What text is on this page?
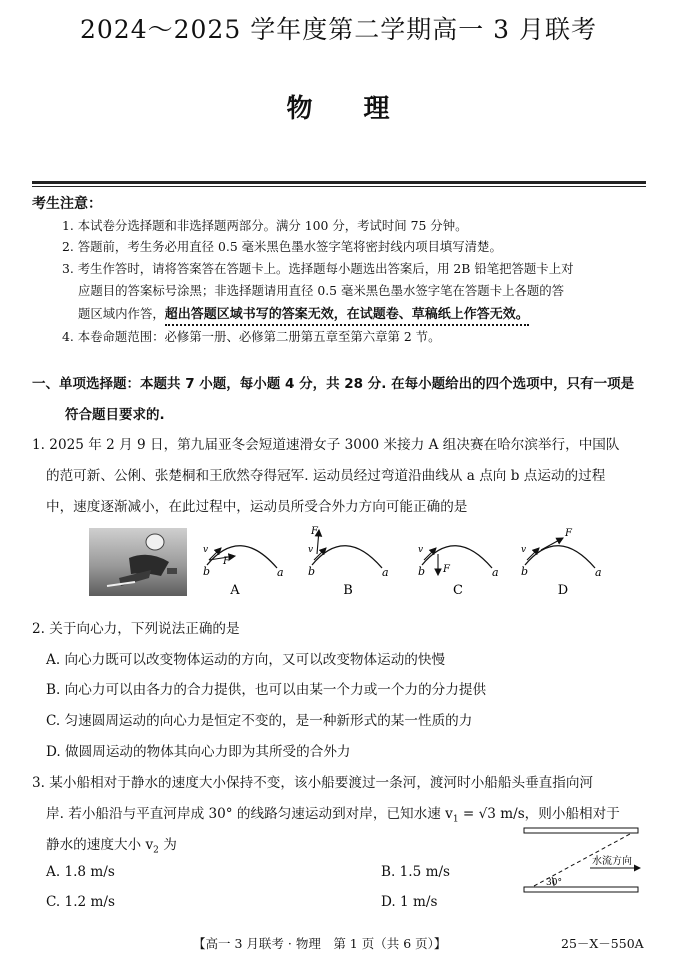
2024～2025 学年度第二学期高一 3 月联考
物 理
考生注意：
1. 本试卷分选择题和非选择题两部分。满分 100 分，考试时间 75 分钟。
2. 答题前，考生务必用直径 0.5 毫米黑色墨水签字笔将密封线内项目填写清楚。
3. 考生作答时，请将答案答在答题卡上。选择题每小题选出答案后，用 2B 铅笔把答题卡上对
应题目的答案标号涂黑；非选择题请用直径 0.5 毫米黑色墨水签字笔在答题卡上各题的答
题区域内作答，超出答题区域书写的答案无效，在试题卷、草稿纸上作答无效。
4. 本卷命题范围：必修第一册、必修第二册第五章至第六章第 2 节。
一、单项选择题：本题共 7 小题，每小题 4 分，共 28 分. 在每小题给出的四个选项中，只有一项是
符合题目要求的.
1. 2025 年 2 月 9 日，第九届亚冬会短道速滑女子 3000 米接力 A 组决赛在哈尔滨举行，中国队
的范可新、公俐、张楚桐和王欣然夺得冠军. 运动员经过弯道沿曲线从 a 点向 b 点运动的过程
中，速度逐渐减小，在此过程中，运动员所受合外力方向可能正确的是
v
b
F
a
A
v
F
b	a
B
v
b F	a
C
v
F
b	a
D
2. 关于向心力，下列说法正确的是
A. 向心力既可以改变物体运动的方向，又可以改变物体运动的快慢
B. 向心力可以由各力的合力提供，也可以由某一个力或一个力的分力提供
C. 匀速圆周运动的向心力是恒定不变的，是一种新形式的某一性质的力
D. 做圆周运动的物体其向心力即为其所受的合外力
3. 某小船相对于静水的速度大小保持不变，该小船要渡过一条河，渡河时小船船头垂直指向河
岸. 若小船沿与平直河岸成 30° 的线路匀速运动到对岸，已知水速 $v_1 = √3$ m/s，则小船相对于
静水的速度大小 $v_2$ 为
A. 1.8 m/s	B. 1.5 m/s
C. 1.2 m/s	D. 1 m/s
水流方向
30°
【高一 3 月联考 · 物理　第 1 页（共 6 页）】	25－X－550A
